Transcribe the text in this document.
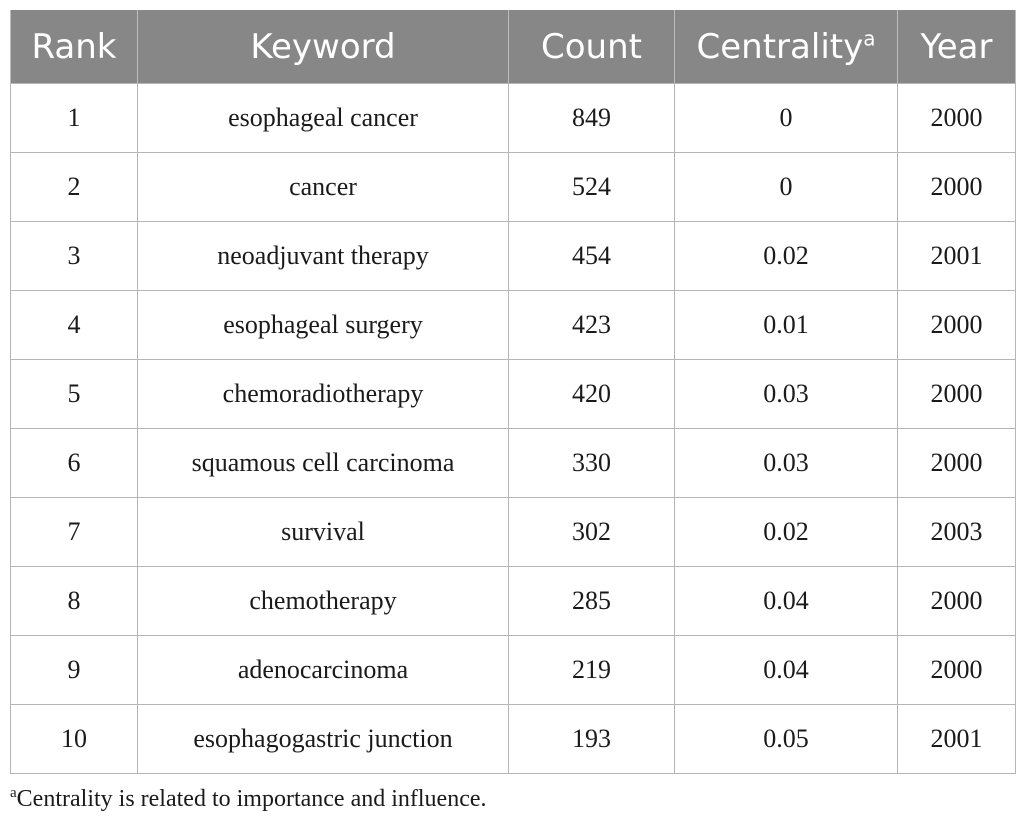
Rank	Keyword	Count	Centrality$^a$	Year
1	esophageal cancer	849	0	2000
2	cancer	524	0	2000
3	neoadjuvant therapy	454	0.02	2001
4	esophageal surgery	423	0.01	2000
5	chemoradiotherapy	420	0.03	2000
6	squamous cell carcinoma	330	0.03	2000
7	survival	302	0.02	2003
8	chemotherapy	285	0.04	2000
9	adenocarcinoma	219	0.04	2000
10	esophagogastric junction	193	0.05	2001
$^a$Centrality is related to importance and influence.
